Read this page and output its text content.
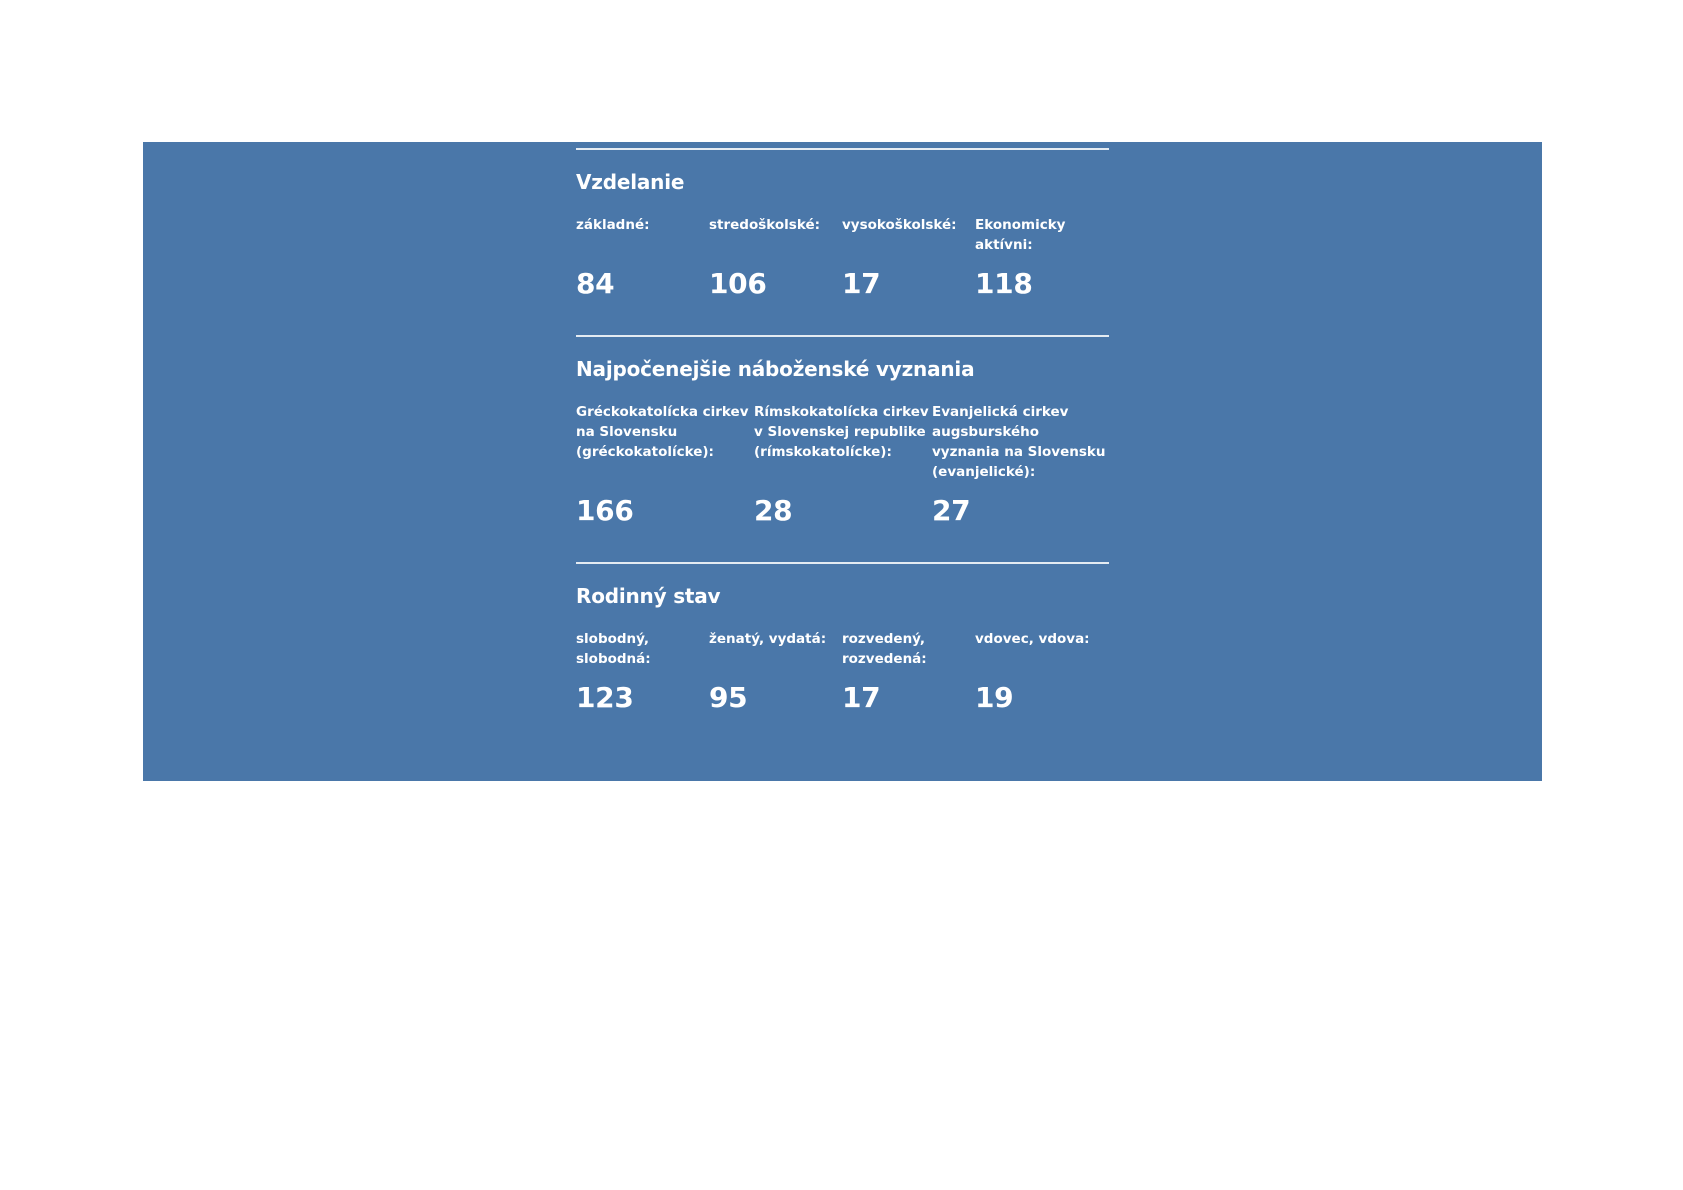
Vzdelanie
základné:
84
stredoškolské:
106
vysokoškolské:
17
Ekonomicky aktívni:
118
Najpočenejšie náboženské vyznania
Gréckokatolícka cirkev na Slovensku (gréckokatolícke):
166
Rímskokatolícka cirkev v Slovenskej republike (rímskokatolícke):
28
Evanjelická cirkev augsburského vyznania na Slovensku (evanjelické):
27
Rodinný stav
slobodný, slobodná:
123
ženatý, vydatá:
95
rozvedený, rozvedená:
17
vdovec, vdova:
19
